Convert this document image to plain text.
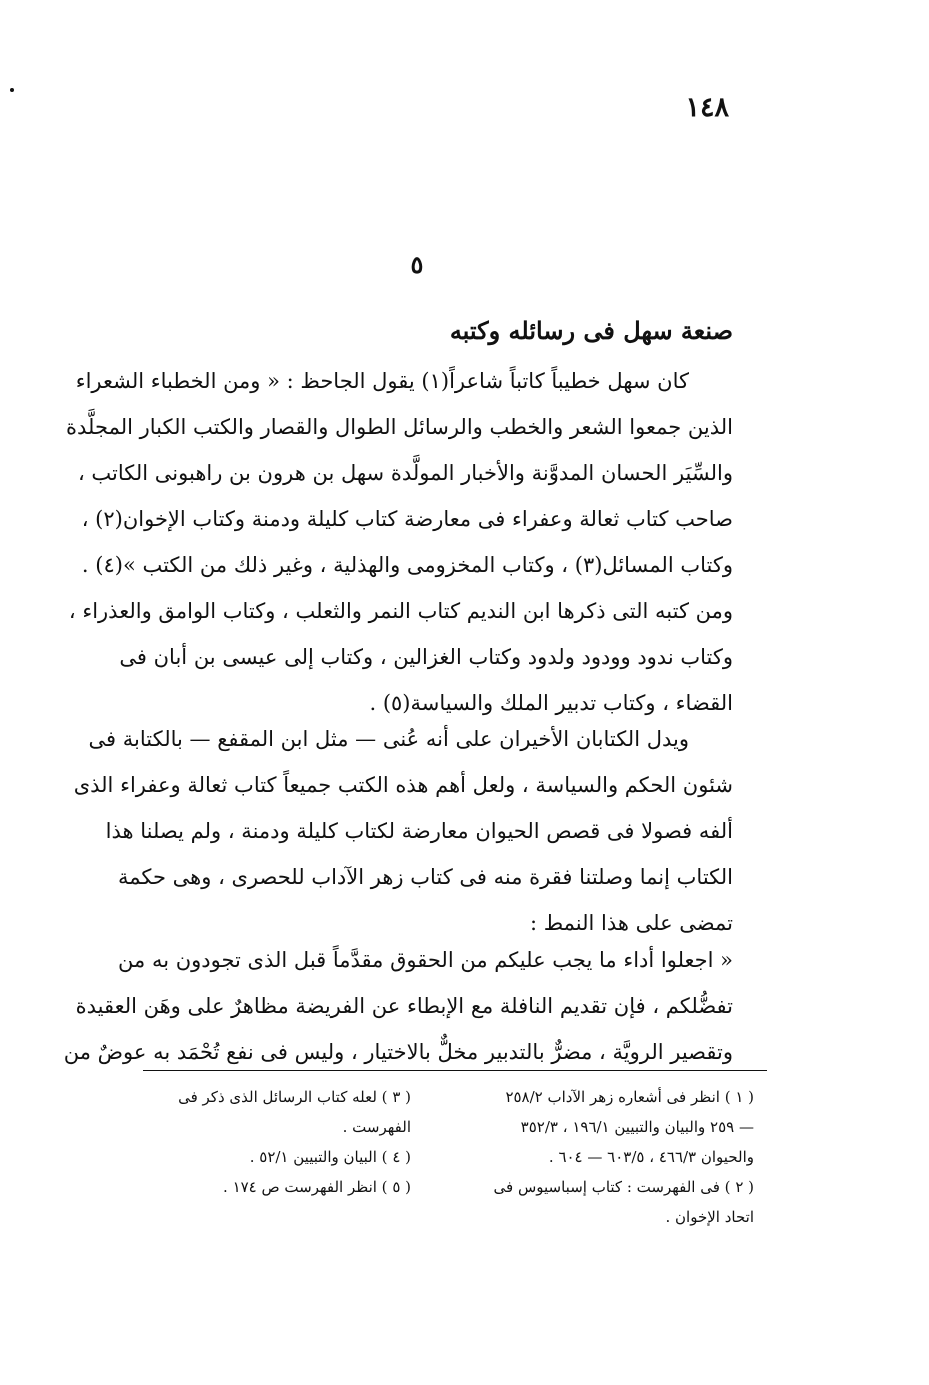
١٤٨
٥
صنعة سهل فى رسائله وكتبه
كان سهل خطيباً كاتباً شاعراً(١) يقول الجاحظ : « ومن الخطباء الشعراء
الذين جمعوا الشعر والخطب والرسائل الطوال والقصار والكتب الكبار المجلَّدة
والسِّيَر الحسان المدوَّنة والأخبار المولَّدة سهل بن هرون بن راهبونى الكاتب ،
صاحب كتاب ثعالة وعفراء فى معارضة كتاب كليلة ودمنة وكتاب الإخوان(٢) ،
وكتاب المسائل(٣) ، وكتاب المخزومى والهذلية ، وغير ذلك من الكتب »(٤) .
ومن كتبه التى ذكرها ابن النديم كتاب النمر والثعلب ، وكتاب الوامق والعذراء ،
وكتاب ندود وودود ولدود وكتاب الغزالين ، وكتاب إلى عيسى بن أبان فى
القضاء ، وكتاب تدبير الملك والسياسة(٥) .
ويدل الكتابان الأخيران على أنه عُنى — مثل ابن المقفع — بالكتابة فى
شئون الحكم والسياسة ، ولعل أهم هذه الكتب جميعاً كتاب ثعالة وعفراء الذى
ألفه فصولا فى قصص الحيوان معارضة لكتاب كليلة ودمنة ، ولم يصلنا هذا
الكتاب إنما وصلتنا فقرة منه فى كتاب زهر الآداب للحصرى ، وهى حكمة
تمضى على هذا النمط :
« اجعلوا أداء ما يجب عليكم من الحقوق مقدَّماً قبل الذى تجودون به من
تفضُّلكم ، فإن تقديم النافلة مع الإبطاء عن الفريضة مظاهرٌ على وهَن العقيدة
وتقصير الرويَّة ، مضرٌّ بالتدبير مخلٌّ بالاختيار ، وليس فى نفع تُحْمَد به عوضٌ من
( ١ ) انظر فى أشعاره زهر الآداب ٢٥٨/٢
— ٢٥٩ والبيان والتبيين ١٩٦/١ ، ٣٥٢/٣
والحيوان ٤٦٦/٣ ، ٦٠٣/٥ — ٦٠٤ .
( ٢ ) فى الفهرست : كتاب إسباسيوس فى
اتحاد الإخوان .
( ٣ ) لعله كتاب الرسائل الذى ذكر فى
الفهرست .
( ٤ ) البيان والتبيين ٥٢/١ .
( ٥ ) انظر الفهرست ص ١٧٤ .
